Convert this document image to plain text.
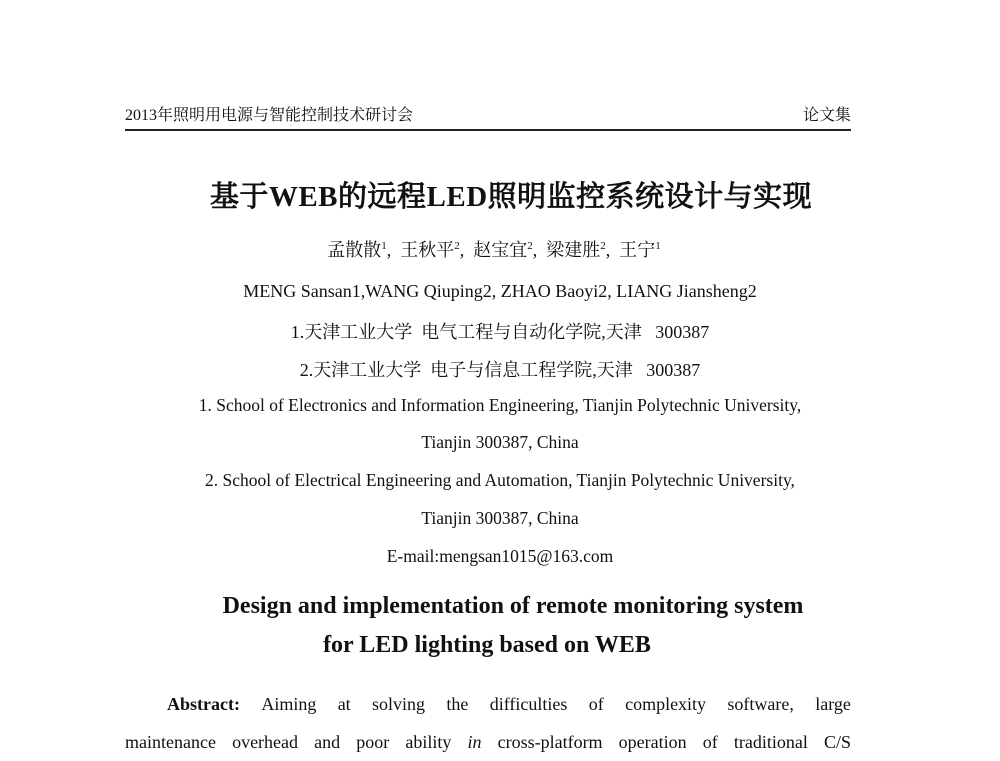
2013年照明用电源与智能控制技术研讨会	论文集
基于WEB的远程LED照明监控系统设计与实现
孟散散$^1$,  王秋平$^2$,  赵宝宜$^2$,  梁建胜$^2$,  王宁$^1$
MENG Sansan1,WANG Qiuping2, ZHAO Baoyi2, LIANG Jiansheng2
1.天津工业大学  电气工程与自动化学院,天津   300387
2.天津工业大学  电子与信息工程学院,天津   300387
1. School of Electronics and Information Engineering, Tianjin Polytechnic University,
Tianjin 300387, China
2. School of Electrical Engineering and Automation, Tianjin Polytechnic University,
Tianjin 300387, China
E-mail:mengsan1015@163.com
Design and implementation of remote monitoring system
for LED lighting based on WEB
Abstract: Aiming at solving the difficulties of complexity software, large
maintenance overhead and poor ability in cross-platform operation of traditional C/S
